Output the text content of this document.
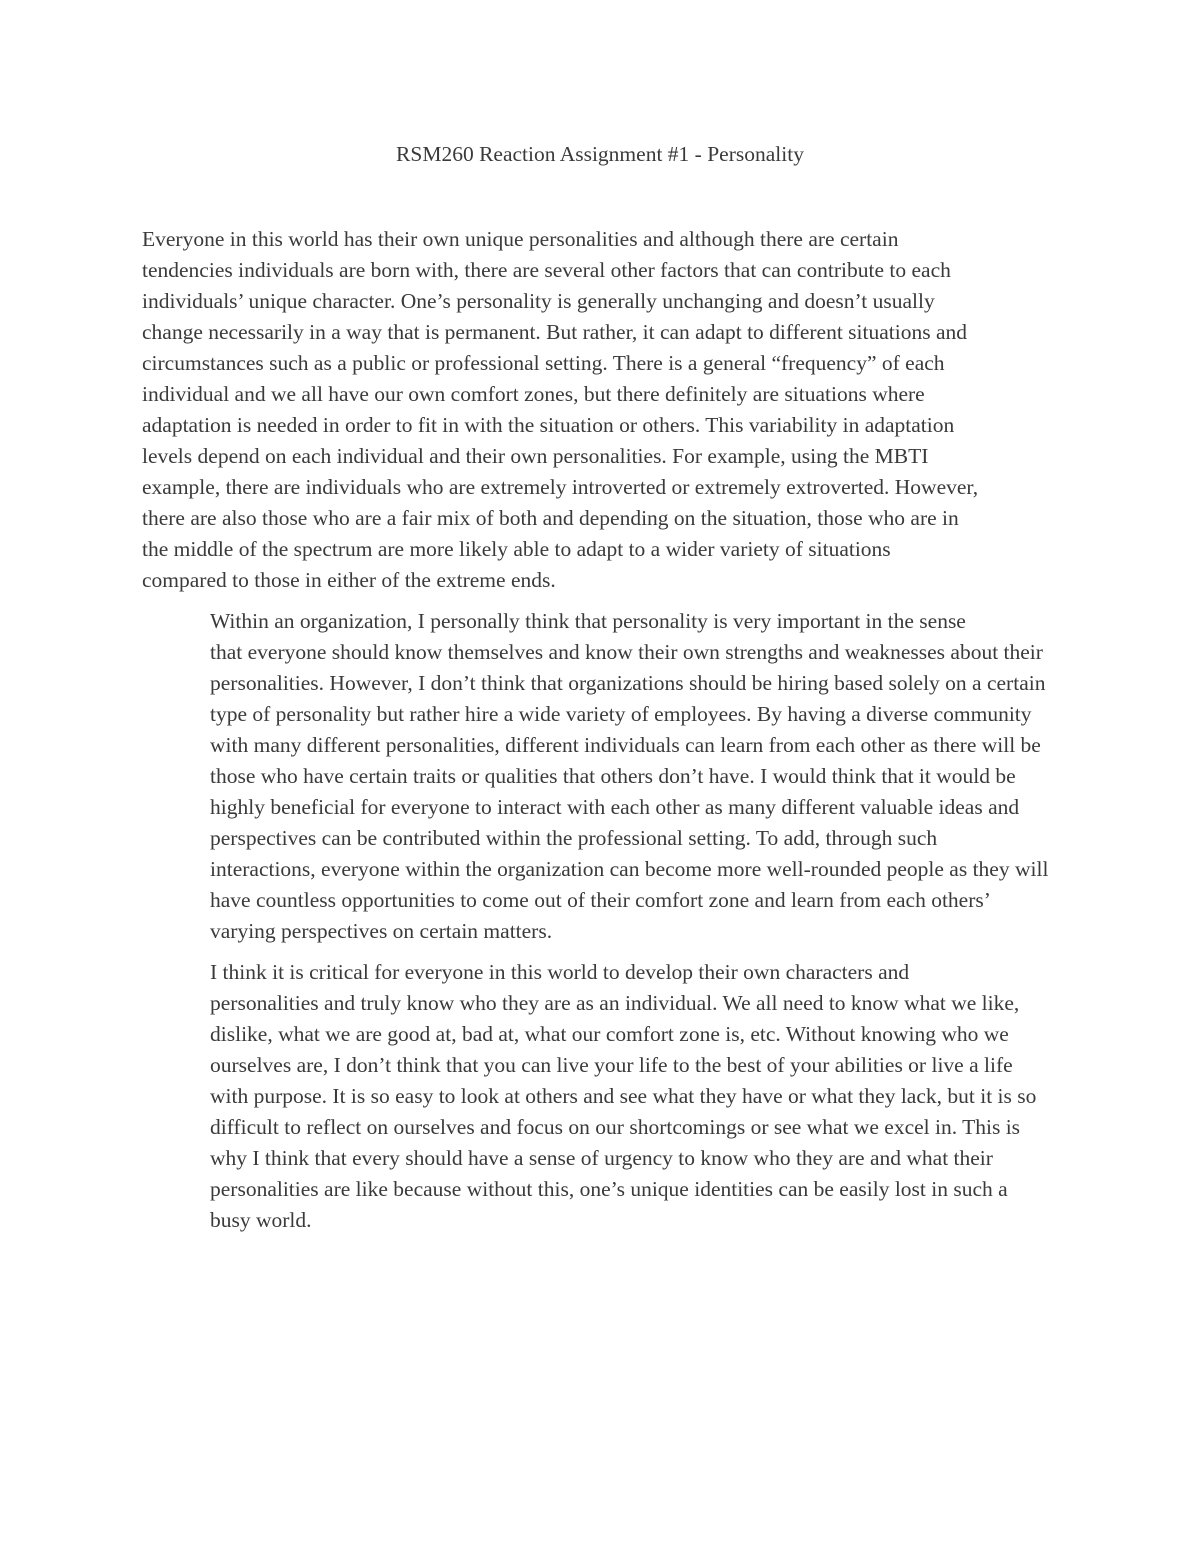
RSM260 Reaction Assignment #1 - Personality

Everyone in this world has their own unique personalities and although there are certain
tendencies individuals are born with, there are several other factors that can contribute to each
individuals’ unique character. One’s personality is generally unchanging and doesn’t usually
change necessarily in a way that is permanent. But rather, it can adapt to different situations and
circumstances such as a public or professional setting. There is a general “frequency” of each
individual and we all have our own comfort zones, but there definitely are situations where
adaptation is needed in order to fit in with the situation or others. This variability in adaptation
levels depend on each individual and their own personalities. For example, using the MBTI
example, there are individuals who are extremely introverted or extremely extroverted. However,
there are also those who are a fair mix of both and depending on the situation, those who are in
the middle of the spectrum are more likely able to adapt to a wider variety of situations
compared to those in either of the extreme ends.

Within an organization, I personally think that personality is very important in the sense
that everyone should know themselves and know their own strengths and weaknesses about their
personalities. However, I don’t think that organizations should be hiring based solely on a certain
type of personality but rather hire a wide variety of employees. By having a diverse community
with many different personalities, different individuals can learn from each other as there will be
those who have certain traits or qualities that others don’t have. I would think that it would be
highly beneficial for everyone to interact with each other as many different valuable ideas and
perspectives can be contributed within the professional setting. To add, through such
interactions, everyone within the organization can become more well-rounded people as they will
have countless opportunities to come out of their comfort zone and learn from each others’
varying perspectives on certain matters.

I think it is critical for everyone in this world to develop their own characters and
personalities and truly know who they are as an individual. We all need to know what we like,
dislike, what we are good at, bad at, what our comfort zone is, etc. Without knowing who we
ourselves are, I don’t think that you can live your life to the best of your abilities or live a life
with purpose. It is so easy to look at others and see what they have or what they lack, but it is so
difficult to reflect on ourselves and focus on our shortcomings or see what we excel in. This is
why I think that every should have a sense of urgency to know who they are and what their
personalities are like because without this, one’s unique identities can be easily lost in such a
busy world.
